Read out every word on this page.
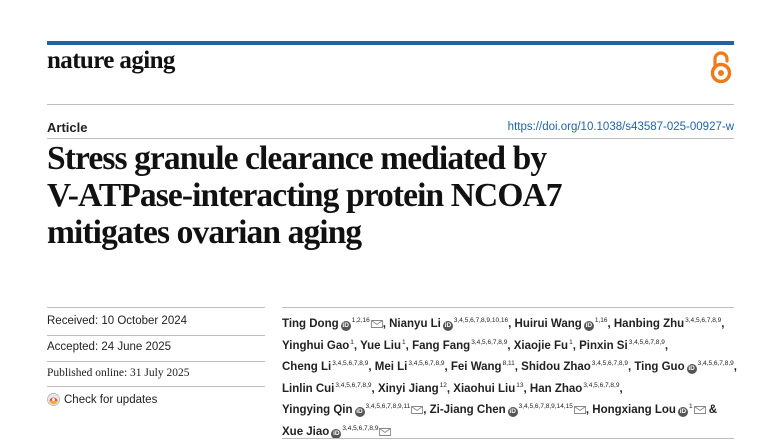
nature aging
Article	https://doi.org/10.1038/s43587-025-00927-w
Stress granule clearance mediated by
V-ATPase-interacting protein NCOA7
mitigates ovarian aging
Received: 10 October 2024
Accepted: 24 June 2025
Published online: 31 July 2025
Check for updates

Ting Dong iD$^{1,2,16}$ , Nianyu Li iD$^{3,4,5,6,7,8,9,10,16}$, Huirui Wang iD$^{1,16}$, Hanbing Zhu$^{3,4,5,6,7,8,9}$, Yinghui Gao$^1$, Yue Liu$^1$, Fang Fang$^{3,4,5,6,7,8,9}$, Xiaojie Fu$^1$, Pinxin Si$^{3,4,5,6,7,8,9}$, Cheng Li$^{3,4,5,6,7,8,9}$, Mei Li$^{3,4,5,6,7,8,9}$, Fei Wang$^{8,11}$, Shidou Zhao$^{3,4,5,6,7,8,9}$, Ting Guo iD$^{3,4,5,6,7,8,9}$, Linlin Cui$^{3,4,5,6,7,8,9}$, Xinyi Jiang$^{12}$, Xiaohui Liu$^{13}$, Han Zhao$^{3,4,5,6,7,8,9}$, Yingying Qin iD$^{3,4,5,6,7,8,9,11}$ , Zi-Jiang Chen iD$^{3,4,5,6,7,8,9,14,15}$ , Hongxiang Lou $iD^1$ & Xue Jiao iD$^{3,4,5,6,7,8,9}$
